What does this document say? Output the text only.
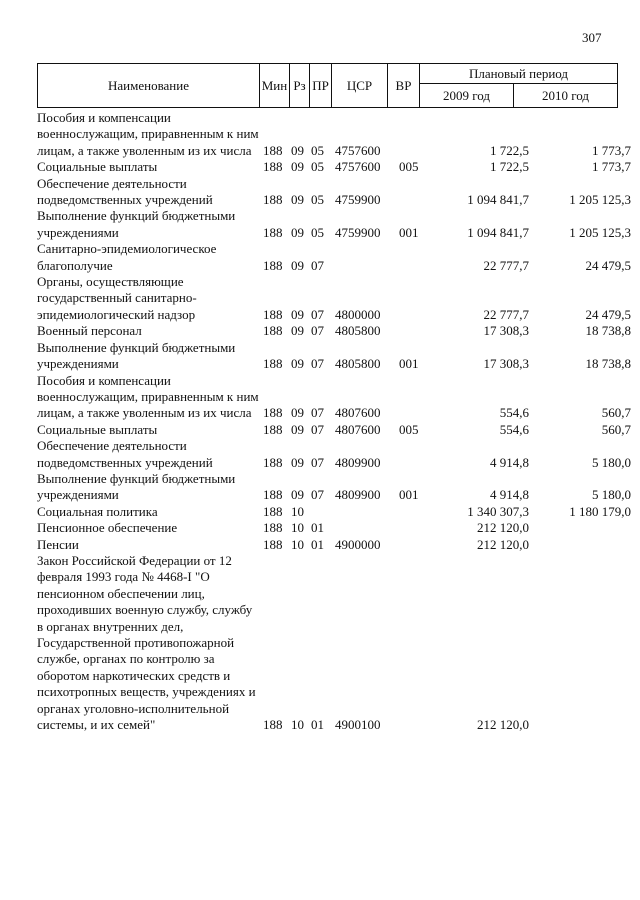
307
Наименование	Мин	Рз	ПР	ЦСР	ВР	Плановый период	
						2009 год	2010 год
Пособия и компенсации военнослужащим, приравненным к ним лицам, а также уволенным из их числа	188	09	05	4757600		1 722,5	1 773,7
Социальные выплаты	188	09	05	4757600	005	1 722,5	1 773,7
Обеспечение деятельности подведомственных учреждений	188	09	05	4759900		1 094 841,7	1 205 125,3
Выполнение функций бюджетными учреждениями	188	09	05	4759900	001	1 094 841,7	1 205 125,3
Санитарно-эпидемиологическое благополучие	188	09	07			22 777,7	24 479,5
Органы, осуществляющие государственный санитарно-эпидемиологический надзор	188	09	07	4800000		22 777,7	24 479,5
Военный персонал	188	09	07	4805800		17 308,3	18 738,8
Выполнение функций бюджетными учреждениями	188	09	07	4805800	001	17 308,3	18 738,8
Пособия и компенсации военнослужащим, приравненным к ним лицам, а также уволенным из их числа	188	09	07	4807600		554,6	560,7
Социальные выплаты	188	09	07	4807600	005	554,6	560,7
Обеспечение деятельности подведомственных учреждений	188	09	07	4809900		4 914,8	5 180,0
Выполнение функций бюджетными учреждениями	188	09	07	4809900	001	4 914,8	5 180,0
Социальная политика	188	10				1 340 307,3	1 180 179,0
Пенсионное обеспечение	188	10	01			212 120,0	
Пенсии	188	10	01	4900000		212 120,0	
Закон Российской Федерации от 12 февраля 1993 года № 4468-I "О пенсионном обеспечении лиц, проходивших военную службу, службу в органах внутренних дел, Государственной противопожарной службе, органах по контролю за оборотом наркотических средств и психотропных веществ, учреждениях и органах уголовно-исполнительной системы, и их семей"	188	10	01	4900100		212 120,0	
